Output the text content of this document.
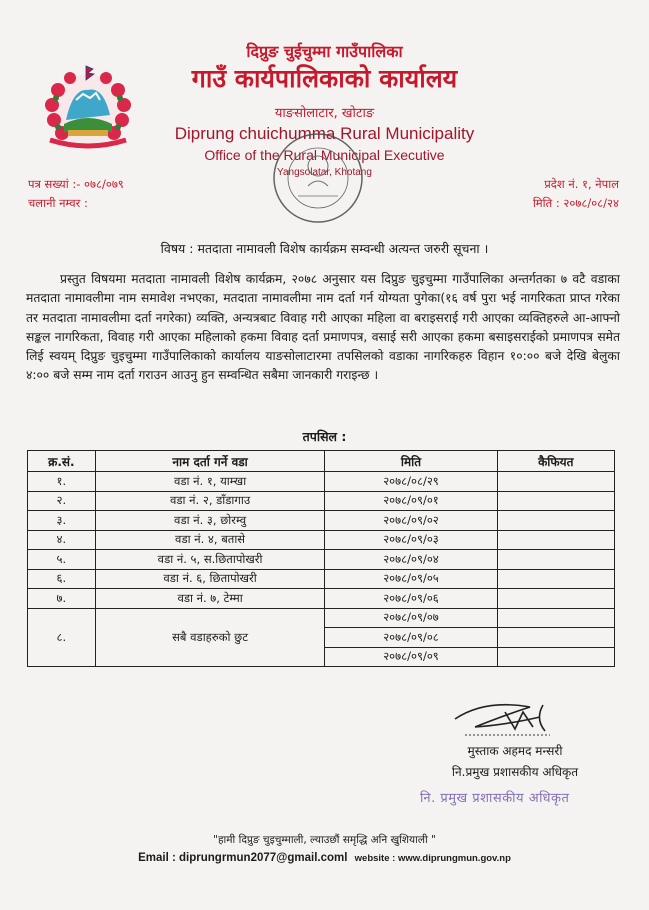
दिप्रुङ चुईचुम्मा गाउँपालिका
गाउँ कार्यपालिकाको कार्यालय
याङसोलाटार, खोटाङ
Diprung chuichumma Rural Municipality
Office of the Rural Municipal Executive
Yangsolatar, Khotang
पत्र सख्यां :- ०७८/०७९
चलानी नम्वर :
प्रदेश नं. १, नेपाल
मिति : २०७८/०८/२४
विषय : मतदाता नामावली विशेष कार्यक्रम सम्वन्धी अत्यन्त जरुरी सूचना ।
प्रस्तुत विषयमा मतदाता नामावली विशेष कार्यक्रम, २०७८ अनुसार यस दिप्रुङ चुइचुम्मा गाउँपालिका अन्तर्गतका ७ वटै वडाका मतदाता नामावलीमा नाम समावेश नभएका, मतदाता नामावलीमा नाम दर्ता गर्न योग्यता पुगेका(१६ वर्ष पुरा भई नागरिकता प्राप्त गरेका तर मतदाता नामावलीमा दर्ता नगरेका) व्यक्ति, अन्यत्रबाट विवाह गरी आएका महिला वा बराइसराई गरी आएका व्यक्तिहरुले आ-आफ्नो सङ्कल नागरिकता, विवाह गरी आएका महिलाको हकमा विवाह दर्ता प्रमाणपत्र, वसाई सरी आएका हकमा बसाइसराईको प्रमाणपत्र समेत लिई स्वयम् दिप्रुङ चुइचुम्मा गाउँपालिकाको कार्यालय याङसोलाटारमा तपसिलको वडाका नागरिकहरु विहान १०:०० बजे देखि बेलुका ४:०० बजे सम्म नाम दर्ता गराउन आउनु हुन सम्वन्धित सबैमा जानकारी गराइन्छ ।
तपसिल :
क्र.सं.	नाम दर्ता गर्ने वडा	मिति	कैफियत
१.	वडा नं. १, याम्खा	२०७८/०८/२९	
२.	वडा नं. २, डाँडागाउ	२०७८/०९/०१	
३.	वडा नं. ३, छोरम्वु	२०७८/०९/०२	
४.	वडा नं. ४, बतासे	२०७८/०९/०३	
५.	वडा नं. ५, स.छितापोखरी	२०७८/०९/०४	
६.	वडा नं. ६, छितापोखरी	२०७८/०९/०५	
७.	वडा नं. ७, टेम्मा	२०७८/०९/०६	
८.	सबै वडाहरुको छुट	२०७८/०९/०७	
		२०७८/०९/०८	
		२०७८/०९/०९	
मुस्ताक अहमद मन्सरी
नि.प्रमुख प्रशासकीय अधिकृत
नि. प्रमुख प्रशासकीय अधिकृत
"हामी दिप्रुङ चुइचुम्माली, ल्याउछौं समृद्धि अनि खुशियाली "
Email : diprungrmun2077@gmail.coml website : www.diprungmun.gov.np
